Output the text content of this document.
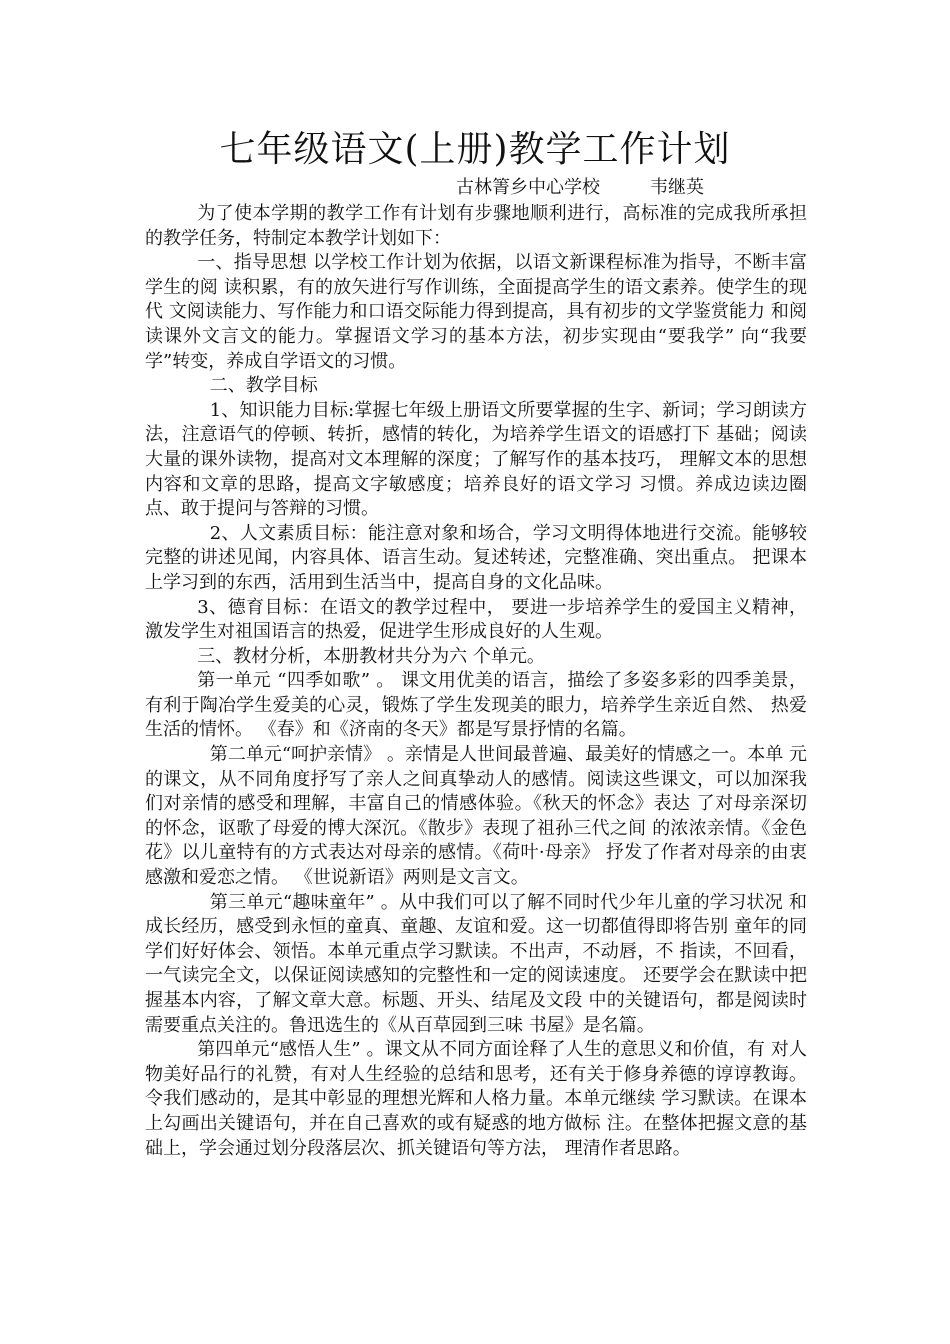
七年级语文(上册)教学工作计划
古林箐乡中心学校	韦继英

为了使本学期的教学工作有计划有步骤地顺利进行，高标准的完成我所承担的教学任务，特制定本教学计划如下：

一、指导思想 以学校工作计划为依据，以语文新课程标准为指导，不断丰富学生的阅 读积累，有的放矢进行写作训练，全面提高学生的语文素养。使学生的现代 文阅读能力、写作能力和口语交际能力得到提高，具有初步的文学鉴赏能力 和阅读课外文言文的能力。掌握语文学习的基本方法，初步实现由“要我学” 向“我要学”转变，养成自学语文的习惯。

二、教学目标

1、知识能力目标:掌握七年级上册语文所要掌握的生字、新词；学习朗读方法，注意语气的停顿、转折，感情的转化，为培养学生语文的语感打下 基础；阅读大量的课外读物，提高对文本理解的深度；了解写作的基本技巧， 理解文本的思想内容和文章的思路，提高文字敏感度；培养良好的语文学习 习惯。养成边读边圈点、敢于提问与答辩的习惯。

2、人文素质目标：能注意对象和场合，学习文明得体地进行交流。能够较完整的讲述见闻，内容具体、语言生动。复述转述，完整准确、突出重点。 把课本上学习到的东西，活用到生活当中，提高自身的文化品味。

3、德育目标：在语文的教学过程中， 要进一步培养学生的爱国主义精神，激发学生对祖国语言的热爱，促进学生形成良好的人生观。

三、教材分析，本册教材共分为六 个单元。

第一单元 “四季如歌” 。 课文用优美的语言，描绘了多姿多彩的四季美景， 有利于陶冶学生爱美的心灵，锻炼了学生发现美的眼力，培养学生亲近自然、 热爱生活的情怀。 《春》和《济南的冬天》都是写景抒情的名篇。

第二单元“呵护亲情》 。亲情是人世间最普遍、最美好的情感之一。本单 元的课文，从不同角度抒写了亲人之间真挚动人的感情。阅读这些课文，可以加深我们对亲情的感受和理解，丰富自己的情感体验。《秋天的怀念》表达 了对母亲深切的怀念，讴歌了母爱的博大深沉。《散步》表现了祖孙三代之间 的浓浓亲情。《金色花》以儿童特有的方式表达对母亲的感情。《荷叶·母亲》 抒发了作者对母亲的由衷感激和爱恋之情。 《世说新语》两则是文言文。

第三单元“趣味童年” 。从中我们可以了解不同时代少年儿童的学习状况 和成长经历，感受到永恒的童真、童趣、友谊和爱。这一切都值得即将告别 童年的同学们好好体会、领悟。本单元重点学习默读。不出声，不动唇，不 指读，不回看，一气读完全文，以保证阅读感知的完整性和一定的阅读速度。 还要学会在默读中把握基本内容，了解文章大意。标题、开头、结尾及文段 中的关键语句，都是阅读时需要重点关注的。鲁迅选生的《从百草园到三味 书屋》是名篇。

第四单元“感悟人生” 。课文从不同方面诠释了人生的意思义和价值，有 对人物美好品行的礼赞，有对人生经验的总结和思考，还有关于修身养德的谆谆教诲。令我们感动的，是其中彰显的理想光辉和人格力量。本单元继续 学习默读。在课本上勾画出关键语句，并在自己喜欢的或有疑惑的地方做标 注。在整体把握文意的基础上，学会通过划分段落层次、抓关键语句等方法， 理清作者思路。
